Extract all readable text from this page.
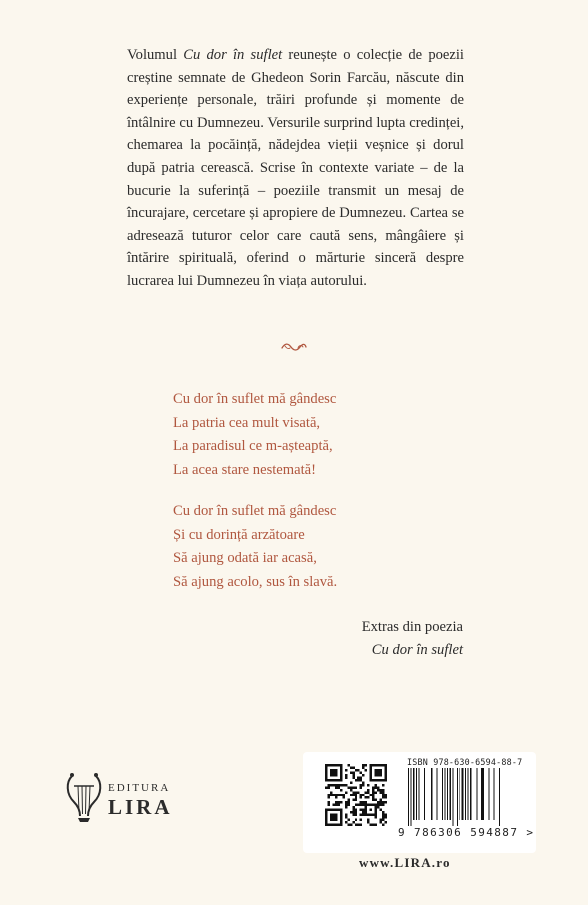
Volumul Cu dor în suflet reunește o colecție de poezii creștine semnate de Ghedeon Sorin Farcău, născute din experiențe personale, trăiri profunde și momente de întâlnire cu Dumnezeu. Versurile surprind lupta credinței, chemarea la pocăință, nădejdea vieții veșnice și dorul după patria cerească. Scrise în contexte variate – de la bucurie la suferință – poeziile transmit un mesaj de încurajare, cercetare și apropiere de Dumnezeu. Cartea se adresează tuturor celor care caută sens, mângâiere și întărire spirituală, oferind o mărturie sinceră despre lucrarea lui Dumnezeu în viața autorului.
Cu dor în suflet mă gândesc
La patria cea mult visată,
La paradisul ce m-așteaptă,
La acea stare nestemată!
Cu dor în suflet mă gândesc
Și cu dorință arzătoare
Să ajung odată iar acasă,
Să ajung acolo, sus în slavă.
Extras din poezia
Cu dor în suflet
EDITURA
LIRA
ISBN 978-630-6594-88-7
9 786306 594887 >
www.LIRA.ro
